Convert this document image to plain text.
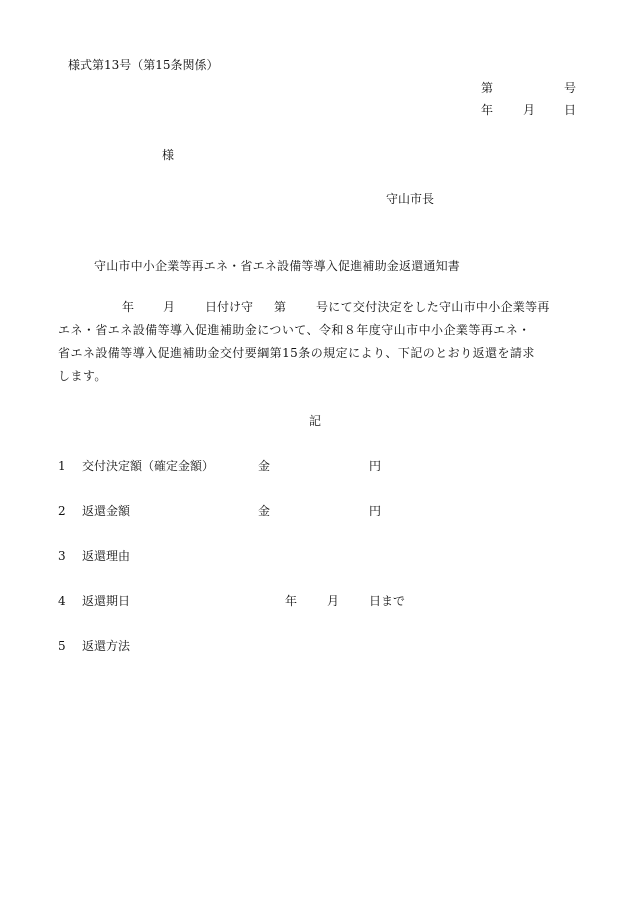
様式第13号（第15条関係）
第	号
年 月 日
様
守山市長
守山市中小企業等再エネ・省エネ設備等導入促進補助金返還通知書
年 月 日付け守 第 号にて交付決定をした守山市中小企業等再
エネ・省エネ設備等導入促進補助金について、令和８年度守山市中小企業等再エネ・
省エネ設備等導入促進補助金交付要綱第15条の規定により、下記のとおり返還を請求
します。
記
1 交付決定額（確定金額）	金	円
2 返還金額	金	円
3 返還理由
4 返還期日	年 月 日まで
5 返還方法
